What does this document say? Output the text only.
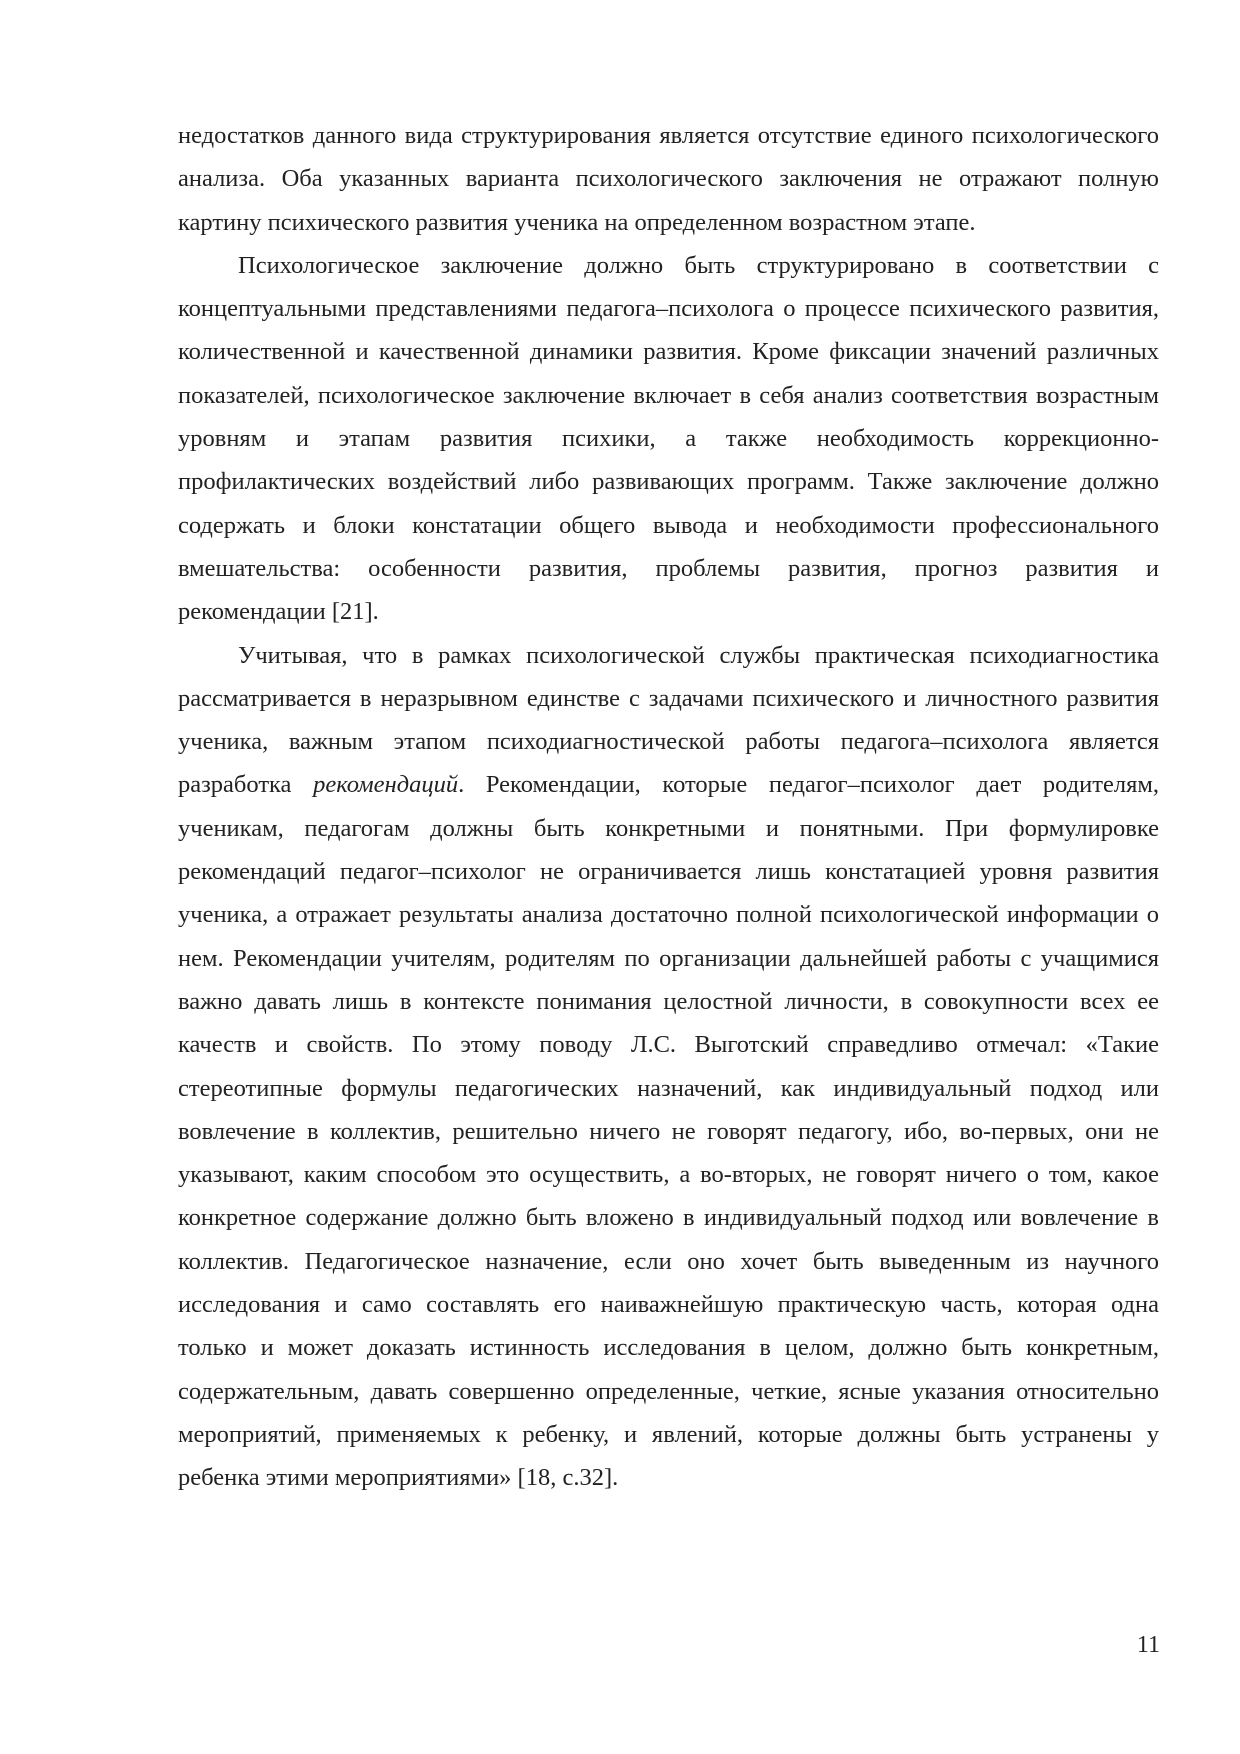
недостатков данного вида структурирования является отсутствие единого психологического анализа. Оба указанных варианта психологического заключения не отражают полную картину психического развития ученика на определенном возрастном этапе.

Психологическое заключение должно быть структурировано в соответствии с концептуальными представлениями педагога–психолога о процессе психического развития, количественной и качественной динамики развития. Кроме фиксации значений различных показателей, психологическое заключение включает в себя анализ соответствия возрастным уровням и этапам развития психики, а также необходимость коррекционно-профилактических воздействий либо развивающих программ. Также заключение должно содержать и блоки констатации общего вывода и необходимости профессионального вмешательства: особенности развития, проблемы развития, прогноз развития и рекомендации [21].

Учитывая, что в рамках психологической службы практическая психодиагностика рассматривается в неразрывном единстве с задачами психического и личностного развития ученика, важным этапом психодиагностической работы педагога–психолога является разработка рекомендаций. Рекомендации, которые педагог–психолог дает родителям, ученикам, педагогам должны быть конкретными и понятными. При формулировке рекомендаций педагог–психолог не ограничивается лишь констатацией уровня развития ученика, а отражает результаты анализа достаточно полной психологической информации о нем. Рекомендации учителям, родителям по организации дальнейшей работы с учащимися важно давать лишь в контексте понимания целостной личности, в совокупности всех ее качеств и свойств. По этому поводу Л.С. Выготский справедливо отмечал: «Такие стереотипные формулы педагогических назначений, как индивидуальный подход или вовлечение в коллектив, решительно ничего не говорят педагогу, ибо, во-первых, они не указывают, каким способом это осуществить, а во-вторых, не говорят ничего о том, какое конкретное содержание должно быть вложено в индивидуальный подход или вовлечение в коллектив. Педагогическое назначение, если оно хочет быть выведенным из научного исследования и само составлять его наиважнейшую практическую часть, которая одна только и может доказать истинность исследования в целом, должно быть конкретным, содержательным, давать совершенно определенные, четкие, ясные указания относительно мероприятий, применяемых к ребенку, и явлений, которые должны быть устранены у ребенка этими мероприятиями» [18, с.32].

11
